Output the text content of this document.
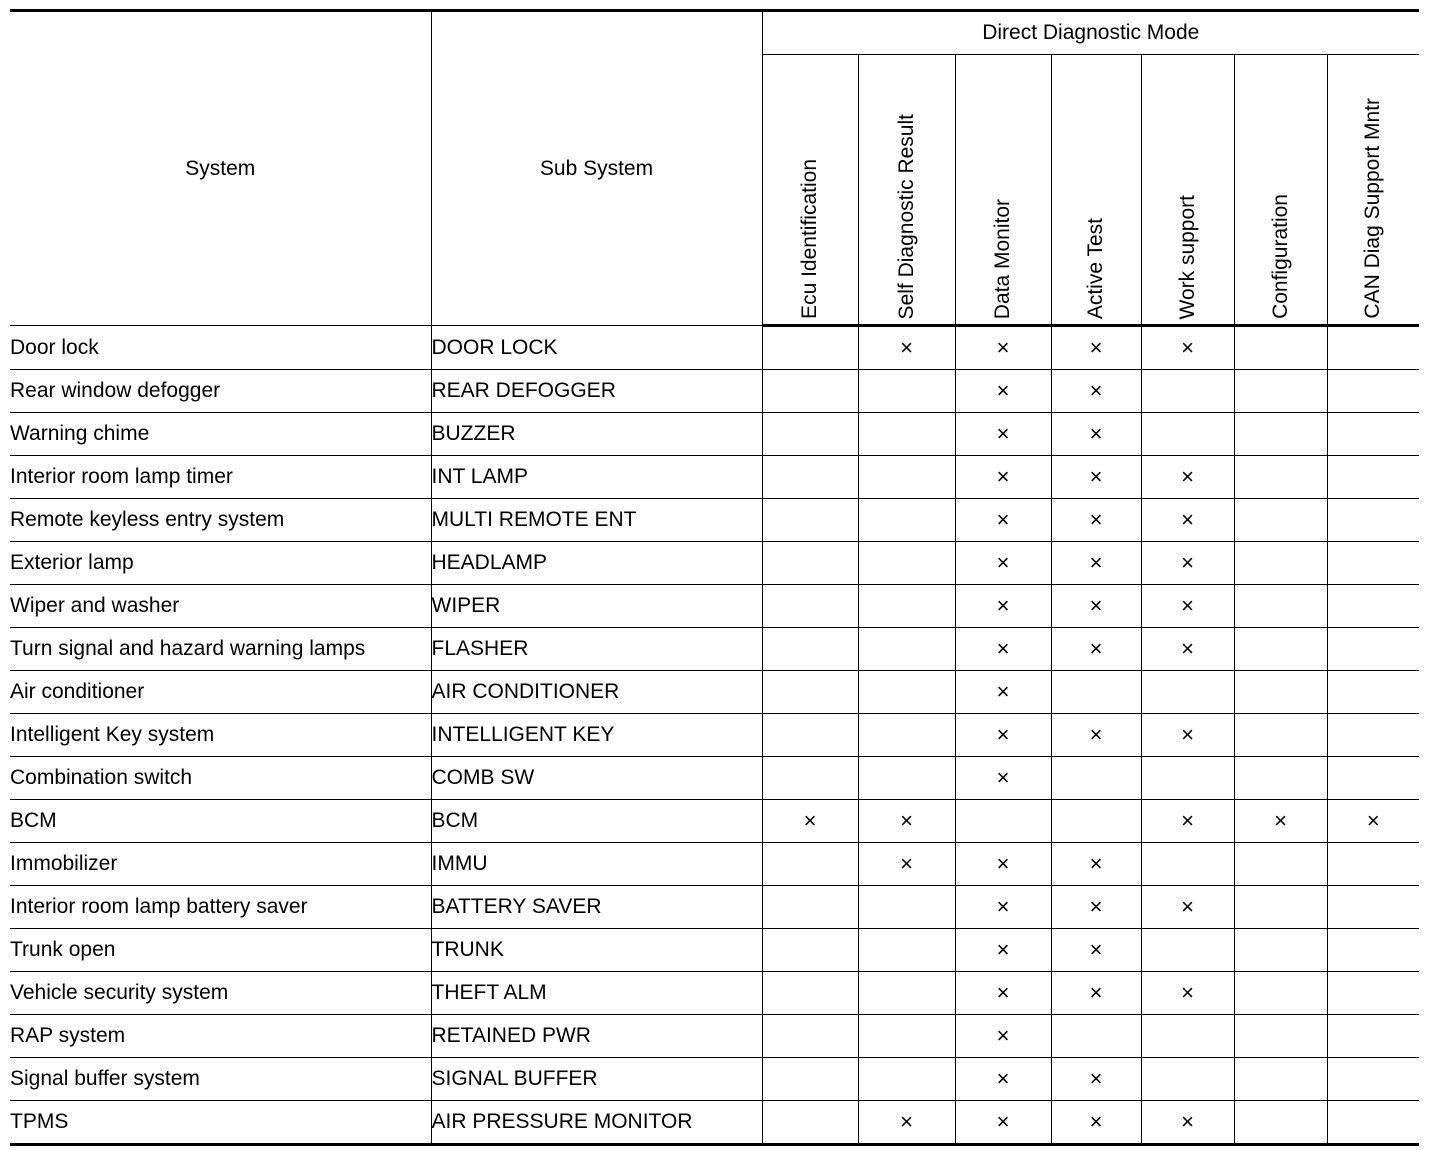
System	Sub System	Direct Diagnostic Mode						
		Ecu Identification	Self Diagnostic Result	Data Monitor	Active Test	Work support	Configuration	CAN Diag Support Mntr
Door lock	DOOR LOCK		×	×	×	×		
Rear window defogger	REAR DEFOGGER			×	×			
Warning chime	BUZZER			×	×			
Interior room lamp timer	INT LAMP			×	×	×		
Remote keyless entry system	MULTI REMOTE ENT			×	×	×		
Exterior lamp	HEADLAMP			×	×	×		
Wiper and washer	WIPER			×	×	×		
Turn signal and hazard warning lamps	FLASHER			×	×	×		
Air conditioner	AIR CONDITIONER			×				
Intelligent Key system	INTELLIGENT KEY			×	×	×		
Combination switch	COMB SW			×				
BCM	BCM	×	×			×	×	×
Immobilizer	IMMU		×	×	×			
Interior room lamp battery saver	BATTERY SAVER			×	×	×		
Trunk open	TRUNK			×	×			
Vehicle security system	THEFT ALM			×	×	×		
RAP system	RETAINED PWR			×				
Signal buffer system	SIGNAL BUFFER			×	×			
TPMS	AIR PRESSURE MONITOR		×	×	×	×		
